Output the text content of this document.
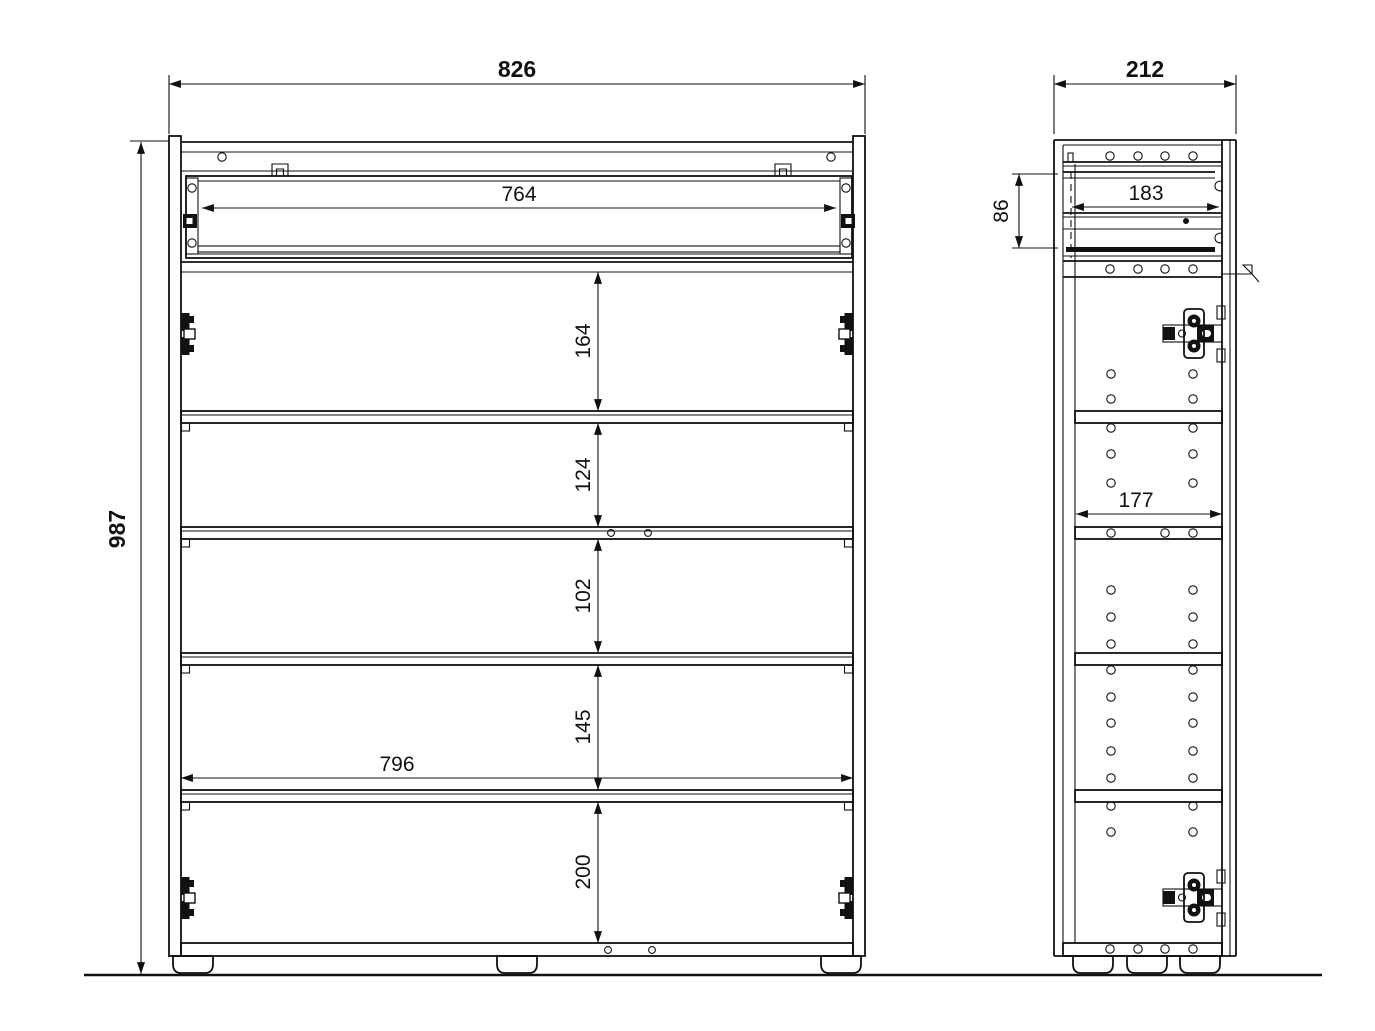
826
987
212
764
86
183
164
124
102
145
200
796
177
